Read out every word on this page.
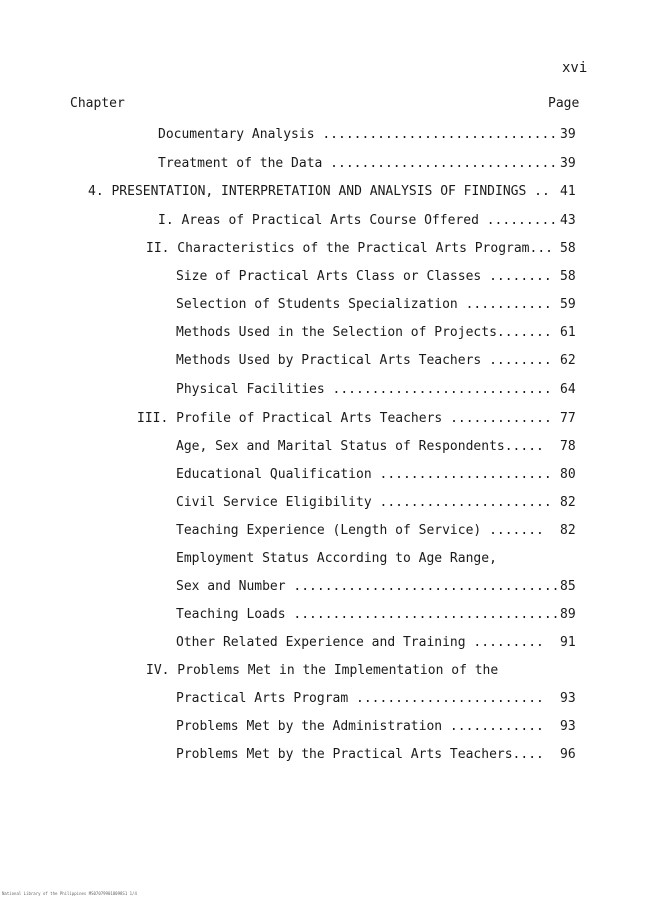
xvi
Chapter	Page
Documentary Analysis .............................. 39
Treatment of the Data ............................. 39
4. PRESENTATION, INTERPRETATION AND ANALYSIS OF FINDINGS .. 41
I. Areas of Practical Arts Course Offered ......... 43
II. Characteristics of the Practical Arts Program... 58
Size of Practical Arts Class or Classes ........ 58
Selection of Students Specialization ........... 59
Methods Used in the Selection of Projects....... 61
Methods Used by Practical Arts Teachers ........ 62
Physical Facilities ............................ 64
III. Profile of Practical Arts Teachers ............. 77
Age, Sex and Marital Status of Respondents..... 78
Educational Qualification ...................... 80
Civil Service Eligibility ...................... 82
Teaching Experience (Length of Service) ....... 82
Employment Status According to Age Range,
Sex and Number .................................. 85
Teaching Loads .................................. 89
Other Related Experience and Training ......... 91
IV. Problems Met in the Implementation of the
Practical Arts Program ........................ 93
Problems Met by the Administration ............ 93
Problems Met by the Practical Arts Teachers.... 96
National Library of the Philippines MS070799018098S1 1/4
